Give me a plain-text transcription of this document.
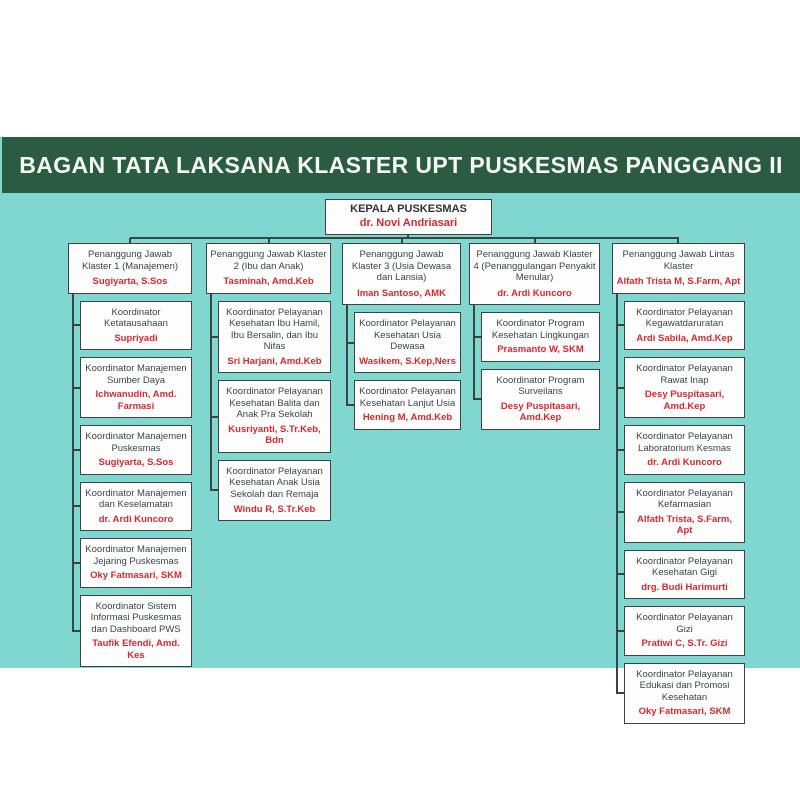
BAGAN TATA LAKSANA KLASTER UPT PUSKESMAS PANGGANG II
KEPALA PUSKESMAS
dr. Novi Andriasari
Penanggung Jawab Klaster 1 (Manajemen)
Sugiyarta, S.Sos
Koordinator Ketatausahaan
Supriyadi
Koordinator Manajemen Sumber Daya
Ichwanudin, Amd. Farmasi
Koordinator Manajemen Puskesmas
Sugiyarta, S.Sos
Koordinator Manajemen dan Keselamatan
dr. Ardi Kuncoro
Koordinator Manajemen Jejaring Puskesmas
Oky Fatmasari, SKM
Koordinator Sistem Informasi Puskesmas dan Dashboard PWS
Taufik Efendi, Amd. Kes
Penanggung Jawab Klaster 2 (Ibu dan Anak)
Tasminah, Amd.Keb
Koordinator Pelayanan Kesehatan Ibu Hamil, Ibu Bersalin, dan Ibu Nifas
Sri Harjani, Amd.Keb
Koordinator Pelayanan Kesehatan Balita dan Anak Pra Sekolah
Kusriyanti, S.Tr.Keb, Bdn
Koordinator Pelayanan Kesehatan Anak Usia Sekolah dan Remaja
Windu R, S.Tr.Keb
Penanggung Jawab Klaster 3 (Usia Dewasa dan Lansia)
Iman Santoso, AMK
Koordinator Pelayanan Kesehatan Usia Dewasa
Wasikem, S.Kep,Ners
Koordinator Pelayanan Kesehatan Lanjut Usia
Hening M, Amd.Keb
Penanggung Jawab Klaster 4 (Penanggulangan Penyakit Menular)
dr. Ardi Kuncoro
Koordinator Program Kesehatan Lingkungan
Prasmanto W, SKM
Koordinator Program Surveilans
Desy Puspitasari, Amd.Kep
Penanggung Jawab Lintas Klaster
Alfath Trista M, S.Farm, Apt
Koordinator Pelayanan Kegawatdaruratan
Ardi Sabila, Amd.Kep
Koordinator Pelayanan Rawat Inap
Desy Puspitasari, Amd.Kep
Koordinator Pelayanan Laboratorium Kesmas
dr. Ardi Kuncoro
Koordinator Pelayanan Kefarmasian
Alfath Trista, S.Farm, Apt
Koordinator Pelayanan Kesehatan Gigi
drg. Budi Harimurti
Koordinator Pelayanan Gizi
Pratiwi C, S.Tr. Gizi
Koordinator Pelayanan Edukasi dan Promosi Kesehatan
Oky Fatmasari, SKM
